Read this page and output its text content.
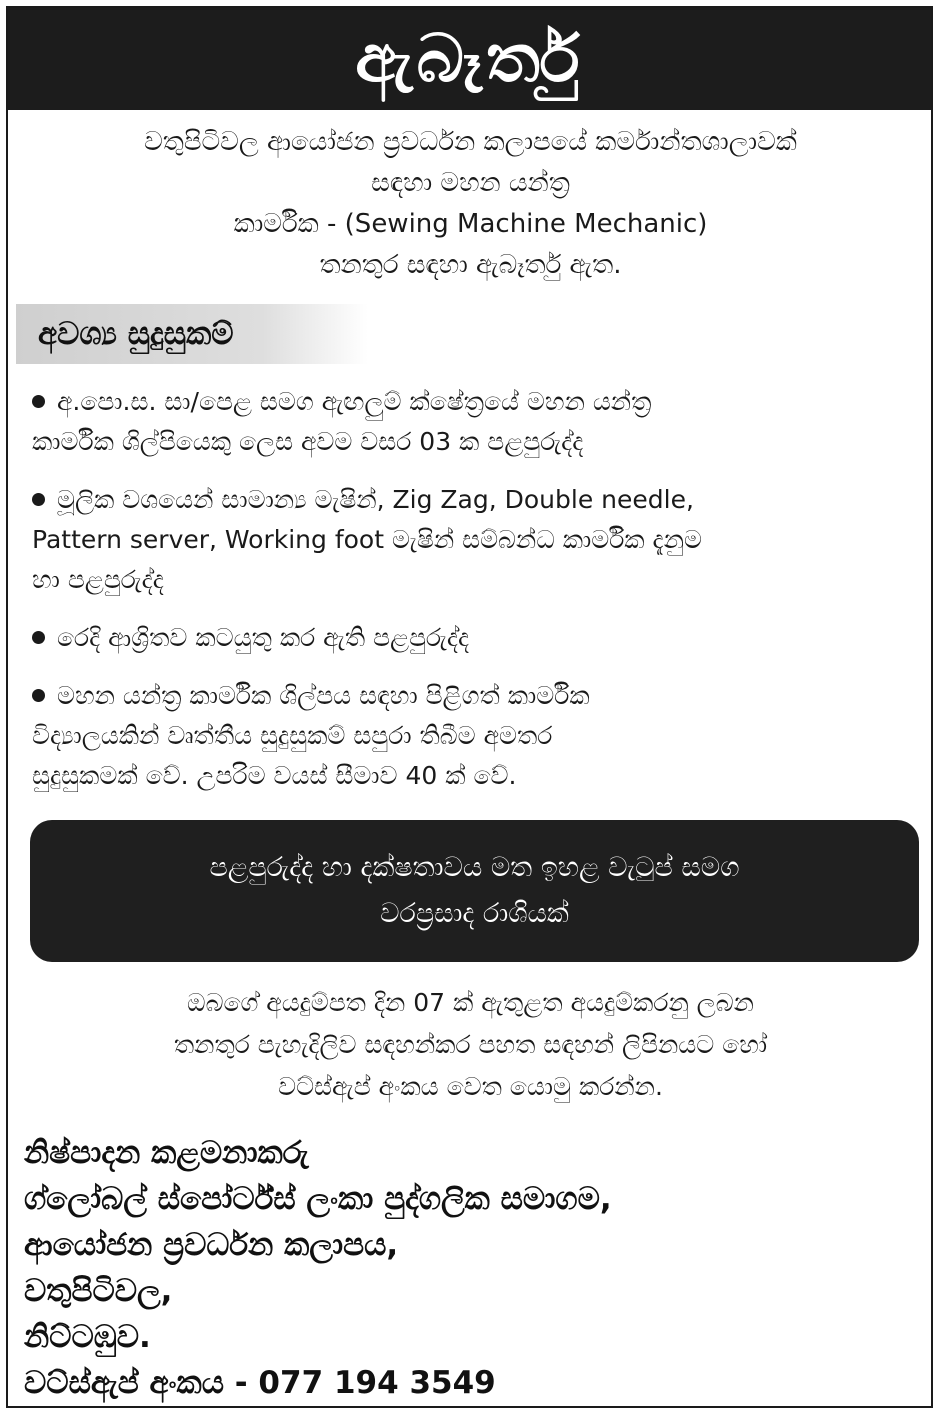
ඇබෑර්තු
වතුපිටිවල ආයෝජන ප්‍රවර්ධන කලාපයේ කර්මාන්තශාලාවක්
සඳහා මහන යන්ත්‍ර
කාර්මික - (Sewing Machine Mechanic)
තනතුර සඳහා ඇබෑර්තු ඇත.
අවශ්‍ය සුදුසුකම්
අ.පො.ස. සා/පෙළ සමග ඇඟලුම් ක්ෂේත්‍රයේ මහන යන්ත්‍ර
කාර්මික ශිල්පියෙකු ලෙස අවම වසර 03 ක පළපුරුද්ද
මූලික වශයෙන් සාමාන්‍ය මැෂින්, Zig Zag, Double needle,
Pattern server, Working foot මැෂින් සම්බන්ධ කාර්මික දැනුම
හා පළපුරුද්ද
රෙදි ආශ්‍රිතව කටයුතු කර ඇති පළපුරුද්ද
මහන යන්ත්‍ර කාර්මික ශිල්පය සඳහා පිළිගත් කාර්මික
විද්‍යාලයකින් වෘත්තීය සුදුසුකම් සපුරා තිබීම අමතර
සුදුසුකමක් වේ. උපරිම වයස් සීමාව 40 ක් වේ.
පළපුරුද්ද හා දක්ෂතාවය මත ඉහළ වැටුප් සමග
වරප්‍රසාද රාශියක්
ඔබගේ අයදුම්පත දින 07 ක් ඇතුළත අයදුම්කරනු ලබන
තනතුර පැහැදිලිව සඳහන්කර පහත සඳහන් ලිපිනයට හෝ
වට්ස්ඇප් අංකය වෙත යොමු කරන්න.
නිෂ්පාදන කළමනාකරු
ග්ලෝබල් ස්පෝර්ට්ස් ලංකා පුද්ගලික සමාගම,
ආයෝජන ප්‍රවර්ධන කලාපය,
වතුපිටිවල,
නිට්ටඹුව.
වට්ස්ඇප් අංකය - 077 194 3549
